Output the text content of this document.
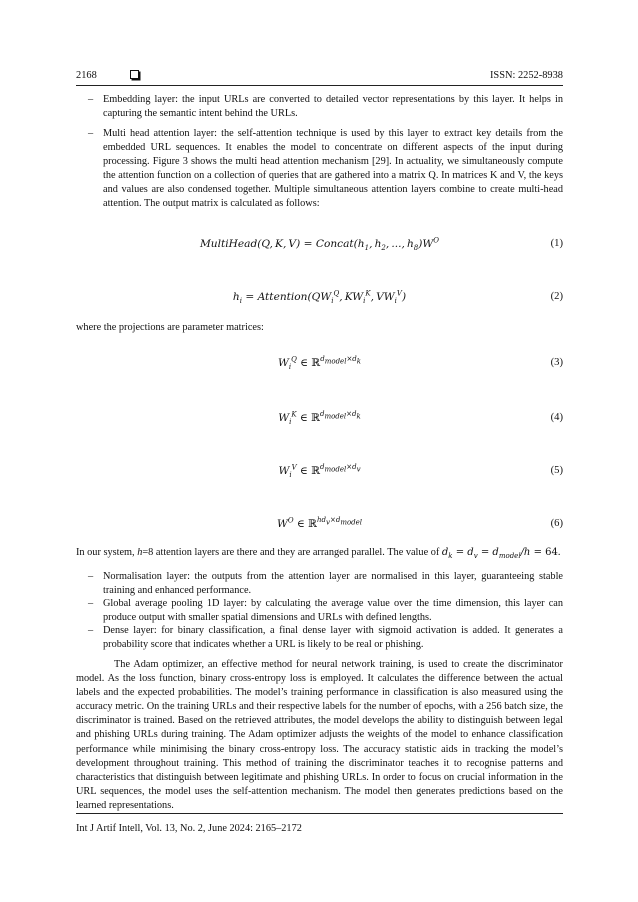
2168	ISSN: 2252-8938
– Embedding layer: the input URLs are converted to detailed vector representations by this layer. It helps in capturing the semantic intent behind the URLs.
– Multi head attention layer: the self-attention technique is used by this layer to extract key details from the embedded URL sequences. It enables the model to concentrate on different aspects of the input during processing. Figure 3 shows the multi head attention mechanism [29]. In actuality, we simultaneously compute the attention function on a collection of queries that are gathered into a matrix Q. In matrices K and V, the keys and values are also condensed together. Multiple simultaneous attention layers combine to create multi-head attention. The output matrix is calculated as follows:
MultiHead(Q, K, $V) = Concat(h_1$, $h_2$, ..., $h_8)W^O$	(1)
$h_i$ = $Attention(QW_i^Q$, $KW_i^K$, $VW_i^V$)	(2)
where the projections are parameter matrices:
$W_i^Q$ ∈ ℝ$^{d_{model}\times d_k}$	(3)
$W_i^K$ ∈ ℝ$^{d_{model}\times d_k}$	(4)
$W_i^V$ ∈ ℝ$^{d_{model}\times d_v}$	(5)
$W^O$ ∈ ℝ$^{hd_v\times d_{model}}$	(6)
In our system, h=8 attention layers are there and they are arranged parallel. The value of $d_k = d_v = d_{model}/h = 64$.
– Normalisation layer: the outputs from the attention layer are normalised in this layer, guaranteeing stable training and enhanced performance.
– Global average pooling 1D layer: by calculating the average value over the time dimension, this layer can produce output with smaller spatial dimensions and URLs with defined lengths.
– Dense layer: for binary classification, a final dense layer with sigmoid activation is added. It generates a probability score that indicates whether a URL is likely to be real or phishing.
The Adam optimizer, an effective method for neural network training, is used to create the discriminator model. As the loss function, binary cross-entropy loss is employed. It calculates the difference between the actual labels and the expected probabilities. The model’s training performance in classification is also measured using the accuracy metric. On the training URLs and their respective labels for the number of epochs, with a 256 batch size, the discriminator is trained. Based on the retrieved attributes, the model develops the ability to distinguish between legal and phishing URLs during training. The Adam optimizer adjusts the weights of the model to enhance classification performance while minimising the binary cross-entropy loss. The accuracy statistic aids in tracking the model’s development throughout training. This method of training the discriminator teaches it to recognise patterns and characteristics that distinguish between legitimate and phishing URLs. In order to focus on crucial information in the URL sequences, the model uses the self-attention mechanism. The model then generates predictions based on the learned representations.
Int J Artif Intell, Vol. 13, No. 2, June 2024: 2165–2172
